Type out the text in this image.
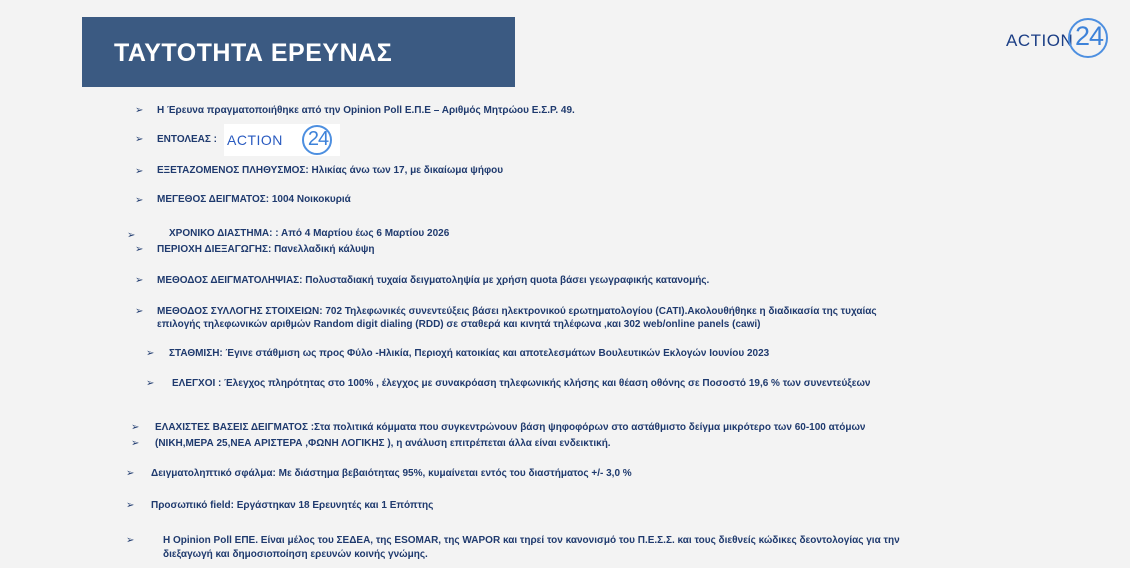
ΤΑΥΤΟΤΗΤΑ ΕΡΕΥΝΑΣ	ACTION 24
➢
➢
➢
➢
➢
➢
➢
➢
➢
➢
➢
➢
➢
➢
➢
Η Έρευνα πραγματοποιήθηκε από την Opinion Poll Ε.Π.Ε – Αριθμός Μητρώου Ε.Σ.Ρ. 49.
ΕΝΤΟΛΕΑΣ : ACTION 24
ΕΞΕΤΑΖΟΜΕΝΟΣ ΠΛΗΘΥΣΜΟΣ: Ηλικίας άνω των 17, με δικαίωμα ψήφου
ΜΕΓΕΘΟΣ ΔΕΙΓΜΑΤΟΣ: 1004 Νοικοκυριά
ΧΡΟΝΙΚΟ ΔΙΑΣΤΗΜΑ: : Από 4 Μαρτίου έως 6 Μαρτίου 2026
ΠΕΡΙΟΧΗ ΔΙΕΞΑΓΩΓΗΣ: Πανελλαδική κάλυψη
ΜΕΘΟΔΟΣ ΔΕΙΓΜΑΤΟΛΗΨΙΑΣ: Πολυσταδιακή τυχαία δειγματοληψία με χρήση quota βάσει γεωγραφικής κατανομής.
ΜΕΘΟΔΟΣ ΣΥΛΛΟΓΗΣ ΣΤΟΙΧΕΙΩΝ: 702 Τηλεφωνικές συνεντεύξεις βάσει ηλεκτρονικού ερωτηματολογίου (CATI).Ακολουθήθηκε η διαδικασία της τυχαίας
επιλογής τηλεφωνικών αριθμών Random digit dialing (RDD) σε σταθερά και κινητά τηλέφωνα ,και 302 web/online panels (cawi)
ΣΤΑΘΜΙΣΗ: Έγινε στάθμιση ως προς Φύλο -Ηλικία, Περιοχή κατοικίας και αποτελεσμάτων Βουλευτικών Εκλογών Ιουνίου 2023
ΕΛΕΓΧΟΙ : Έλεγχος πληρότητας στο 100% , έλεγχος με συνακρόαση τηλεφωνικής κλήσης και θέαση οθόνης σε Ποσοστό 19,6 % των συνεντεύξεων
ΕΛΑΧΙΣΤΕΣ ΒΑΣΕΙΣ ΔΕΙΓΜΑΤΟΣ :Στα πολιτικά κόμματα που συγκεντρώνουν βάση ψηφοφόρων στο αστάθμιστο δείγμα μικρότερο των 60-100 ατόμων
(ΝΙΚΗ,ΜΕΡΑ 25,ΝΕΑ ΑΡΙΣΤΕΡΑ ,ΦΩΝΗ ΛΟΓΙΚΗΣ ), η ανάλυση επιτρέπεται άλλα είναι ενδεικτική.
Δειγματοληπτικό σφάλμα: Με διάστημα βεβαιότητας 95%, κυμαίνεται εντός του διαστήματος +/- 3,0 %
Προσωπικό field: Εργάστηκαν 18 Ερευνητές και 1 Επόπτης
Η Opinion Poll ΕΠΕ. Είναι μέλος του ΣΕΔΕΑ, της ESOMAR, της WAPOR και τηρεί τον κανονισμό του Π.Ε.Σ.Σ. και τους διεθνείς κώδικες δεοντολογίας για την
διεξαγωγή και δημοσιοποίηση ερευνών κοινής γνώμης.
